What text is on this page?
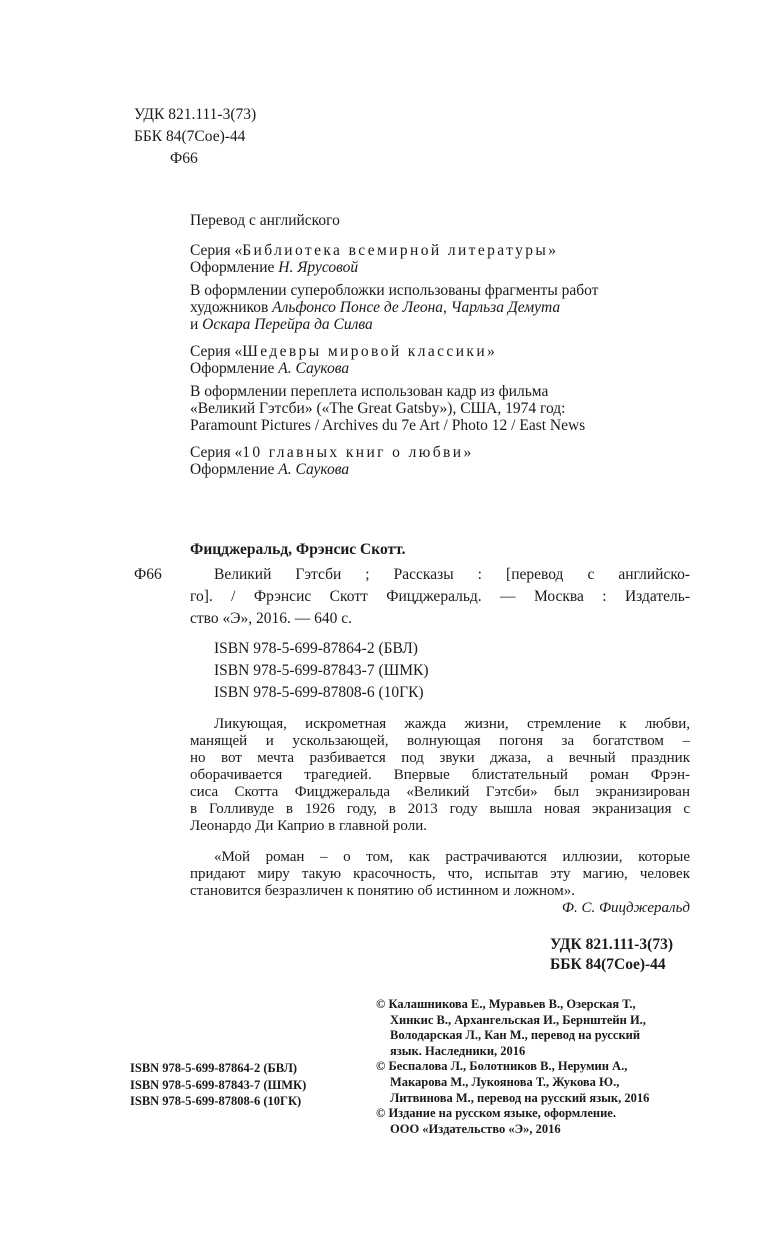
УДК 821.111-3(73)
ББК 84(7Сое)-44
Ф66
Перевод с английского
Серия «Библиотека всемирной литературы»
Оформление Н. Ярусовой
В оформлении суперобложки использованы фрагменты работ
художников Альфонсо Понсе де Леона, Чарльза Демута
и Оскара Перейра да Силва
Серия «Шедевры мировой классики»
Оформление А. Саукова
В оформлении переплета использован кадр из фильма
«Великий Гэтсби» («The Great Gatsby»), США, 1974 год:
Paramount Pictures / Archives du 7e Art / Photo 12 / East News
Серия «10 главных книг о любви»
Оформление А. Саукова
Фицджеральд, Фрэнсис Скотт.
Ф66	Великий Гэтсби ; Рассказы : [перевод с английско-
го]. / Фрэнсис Скотт Фицджеральд. — Москва : Издатель-
ство «Э», 2016. — 640 с.
ISBN 978-5-699-87864-2 (БВЛ)
ISBN 978-5-699-87843-7 (ШМК)
ISBN 978-5-699-87808-6 (10ГК)
Ликующая, искрометная жажда жизни, стремление к любви,
манящей и ускользающей, волнующая погоня за богатством –
но вот мечта разбивается под звуки джаза, а вечный праздник
оборачивается трагедией. Впервые блистательный роман Фрэн-
сиса Скотта Фицджеральда «Великий Гэтсби» был экранизирован
в Голливуде в 1926 году, в 2013 году вышла новая экранизация с
Леонардо Ди Каприо в главной роли.
«Мой роман – о том, как растрачиваются иллюзии, которые
придают миру такую красочность, что, испытав эту магию, человек
становится безразличен к понятию об истинном и ложном».
Ф. С. Фицджеральд
УДК 821.111-3(73)
ББК 84(7Сое)-44
© Калашникова Е., Муравьев В., Озерская Т.,
Хинкис В., Архангельская И., Бернштейн И.,
Володарская Л., Кан М., перевод на русский
язык. Наследники, 2016
© Беспалова Л., Болотников В., Нерумин А.,
Макарова М., Лукоянова Т., Жукова Ю.,
Литвинова М., перевод на русский язык, 2016
© Издание на русском языке, оформление.
ООО «Издательство «Э», 2016
ISBN 978-5-699-87864-2 (БВЛ)
ISBN 978-5-699-87843-7 (ШМК)
ISBN 978-5-699-87808-6 (10ГК)
